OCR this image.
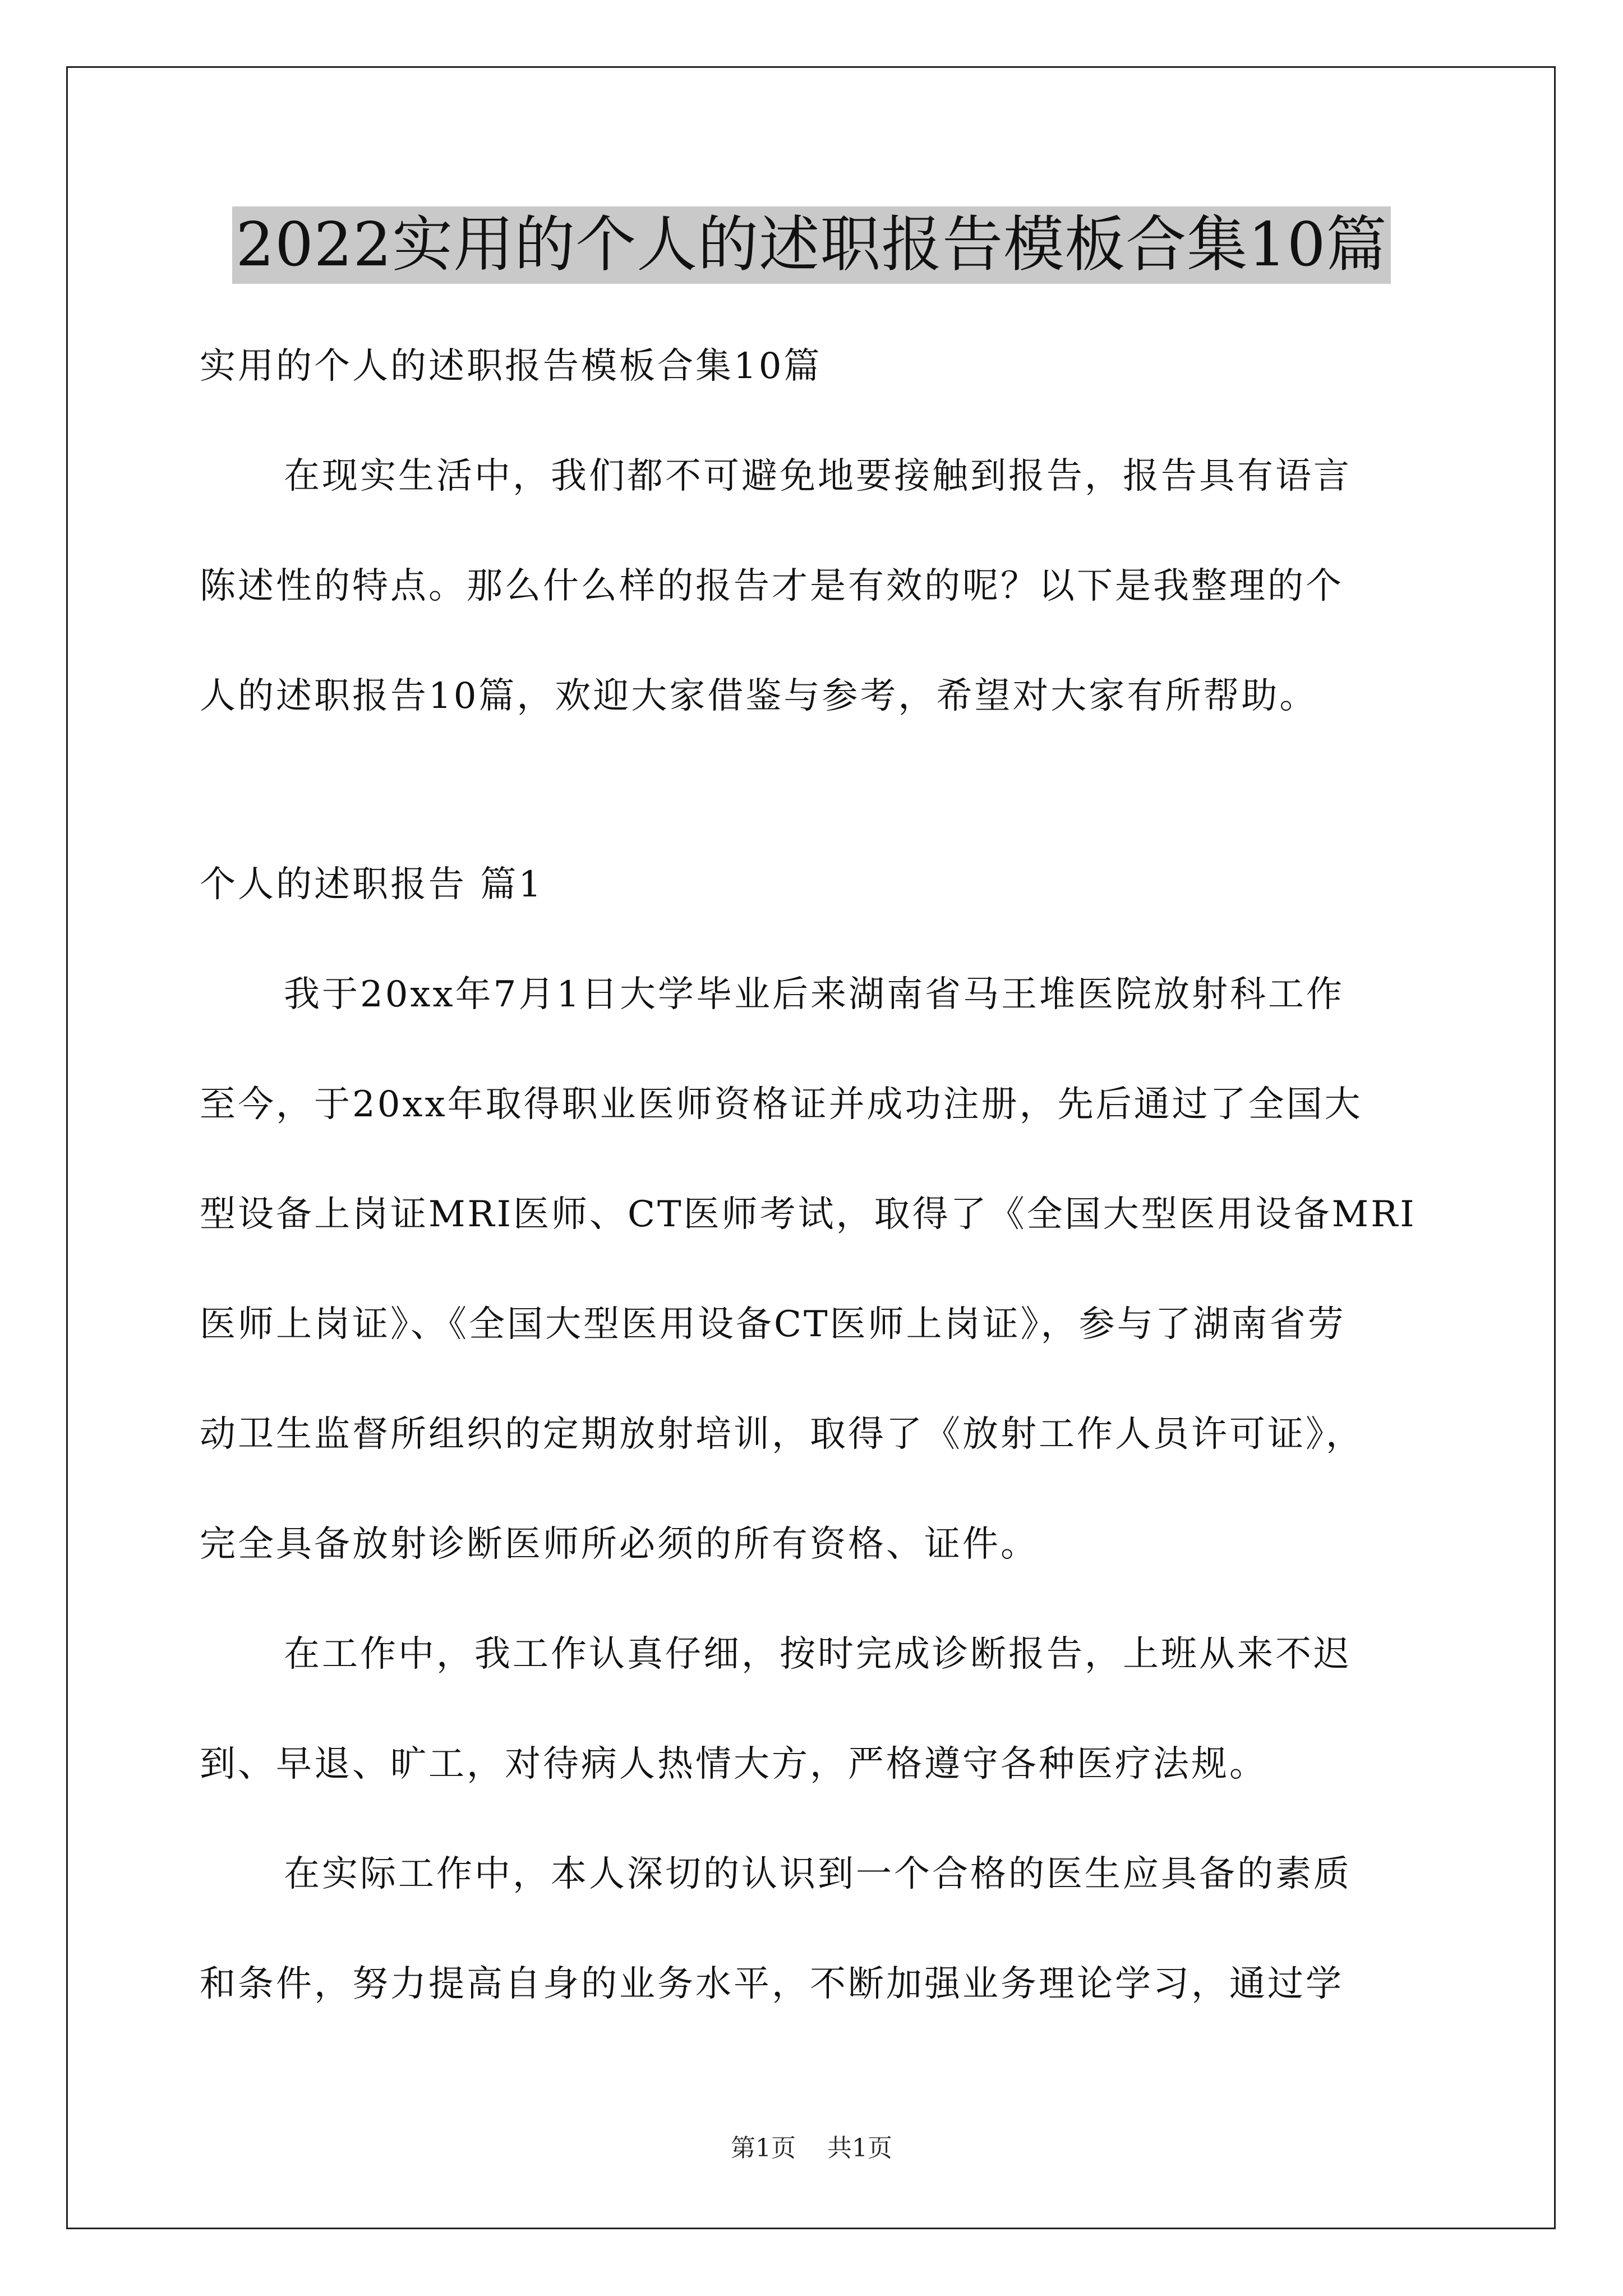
2022实用的个人的述职报告模板合集10篇
实用的个人的述职报告模板合集10篇
在现实生活中，我们都不可避免地要接触到报告，报告具有语言
陈述性的特点。那么什么样的报告才是有效的呢？以下是我整理的个
人的述职报告10篇，欢迎大家借鉴与参考，希望对大家有所帮助。
个人的述职报告 篇1
我于20xx年7月1日大学毕业后来湖南省马王堆医院放射科工作
至今，于20xx年取得职业医师资格证并成功注册，先后通过了全国大
型设备上岗证MRI医师、CT医师考试，取得了《全国大型医用设备MRI
医师上岗证》、《全国大型医用设备CT医师上岗证》，参与了湖南省劳
动卫生监督所组织的定期放射培训，取得了《放射工作人员许可证》，
完全具备放射诊断医师所必须的所有资格、证件。
在工作中，我工作认真仔细，按时完成诊断报告，上班从来不迟
到、早退、旷工，对待病人热情大方，严格遵守各种医疗法规。
在实际工作中，本人深切的认识到一个合格的医生应具备的素质
和条件，努力提高自身的业务水平，不断加强业务理论学习，通过学
第1页 共1页
